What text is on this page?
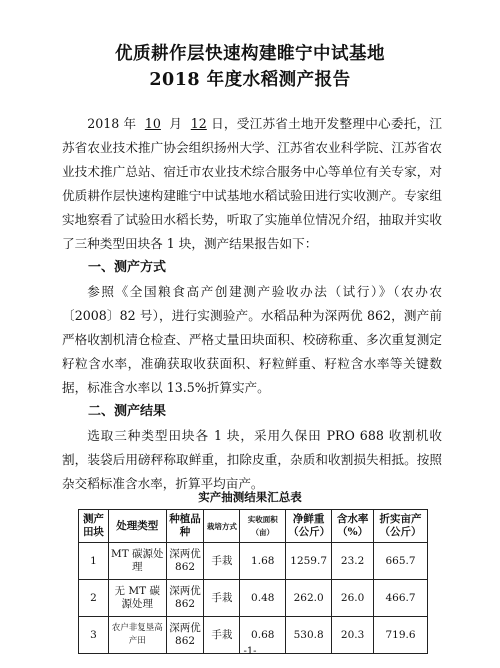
优质耕作层快速构建睢宁中试基地
2018 年度水稻测产报告

2018 年 10 月 12 日，受江苏省土地开发整理中心委托，江苏省农业技术推广协会组织扬州大学、江苏省农业科学院、江苏省农业技术推广总站、宿迁市农业技术综合服务中心等单位有关专家，对优质耕作层快速构建睢宁中试基地水稻试验田进行实收测产。专家组实地察看了试验田水稻长势，听取了实施单位情况介绍，抽取并实收了三种类型田块各 1 块，测产结果报告如下：

一、测产方式

参照《全国粮食高产创建测产验收办法（试行）》（农办农〔2008〕82 号），进行实测验产。水稻品种为深两优 862，测产前严格收割机清仓检查、严格丈量田块面积、校磅称重、多次重复测定籽粒含水率，准确获取收获面积、籽粒鲜重、籽粒含水率等关键数据，标准含水率以 13.5%折算实产。

二、测产结果

选取三种类型田块各 1 块，采用久保田 PRO 688 收割机收割，装袋后用磅秤称取鲜重，扣除皮重，杂质和收割损失相抵。按照杂交稻标准含水率，折算平均亩产。

实产抽测结果汇总表
测产田块	处理类型	种植品种	栽培方式	实收面积（亩）	净鲜重（公斤）	含水率（%）	折实亩产（公斤）
1	MT 碳源处理	深两优 862	手栽	1.68	1259.7	23.2	665.7
2	无 MT 碳源处理	深两优 862	手栽	0.48	262.0	26.0	466.7
3	农户非复垦高产田	深两优 862	手栽	0.68	530.8	20.3	719.6
-1-
